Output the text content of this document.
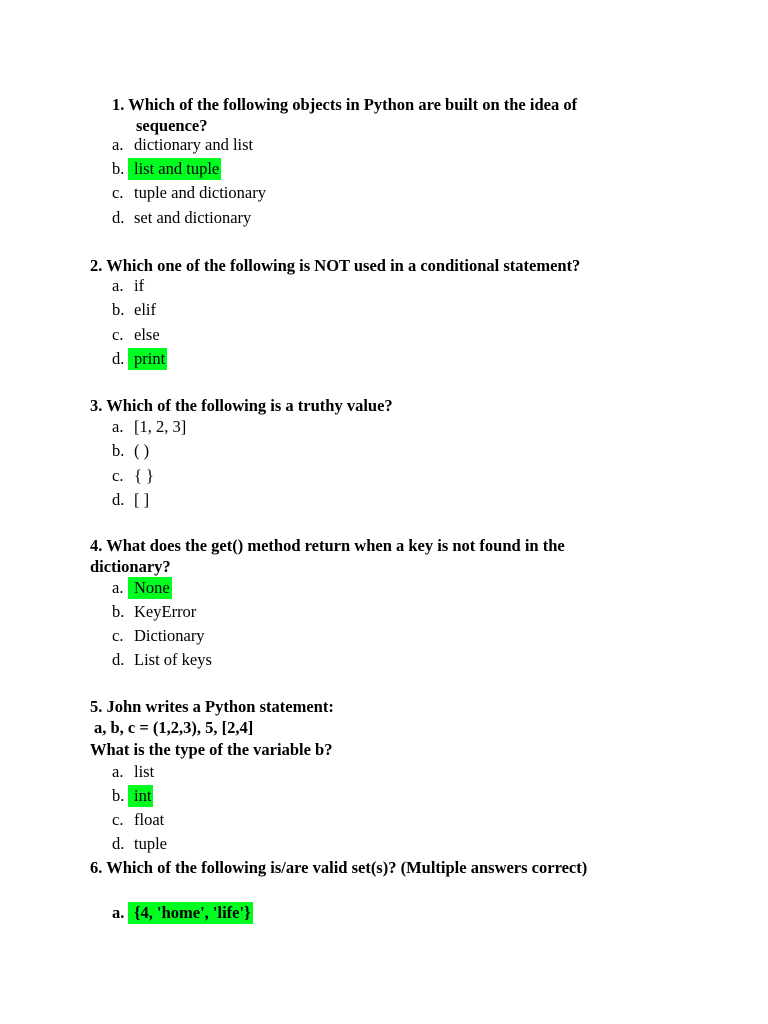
1. Which of the following objects in Python are built on the idea of
sequence?
a. dictionary and list
b. list and tuple
c. tuple and dictionary
d. set and dictionary
2. Which one of the following is NOT used in a conditional statement?
a. if
b. elif
c. else
d. print
3. Which of the following is a truthy value?
a. [1, 2, 3]
b. ( )
c. { }
d. [ ]
4. What does the get() method return when a key is not found in the
dictionary?
a. None
b. KeyError
c. Dictionary
d. List of keys
5. John writes a Python statement:
a, b, c = (1,2,3), 5, [2,4]
What is the type of the variable b?
a. list
b. int
c. float
d. tuple
6. Which of the following is/are valid set(s)? (Multiple answers correct)
a. {4, 'home', 'life'}
